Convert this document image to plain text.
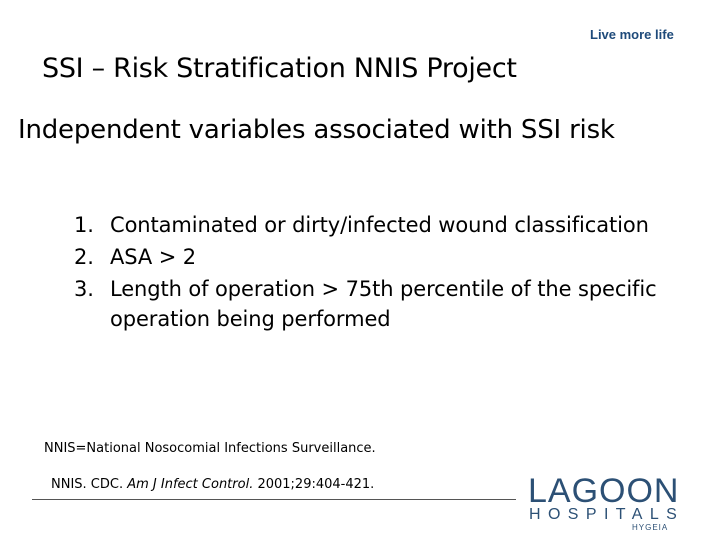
Live more life
SSI – Risk Stratification NNIS Project
Independent variables associated with SSI risk
1. Contaminated or dirty/infected wound classification
2. ASA > 2
3. Length of operation > 75th percentile of the specific operation being performed
NNIS=National Nosocomial Infections Surveillance.
NNIS. CDC. Am J Infect Control. 2001;29:404-421.	LAGOON
HOSPITALS
HYGEIA
